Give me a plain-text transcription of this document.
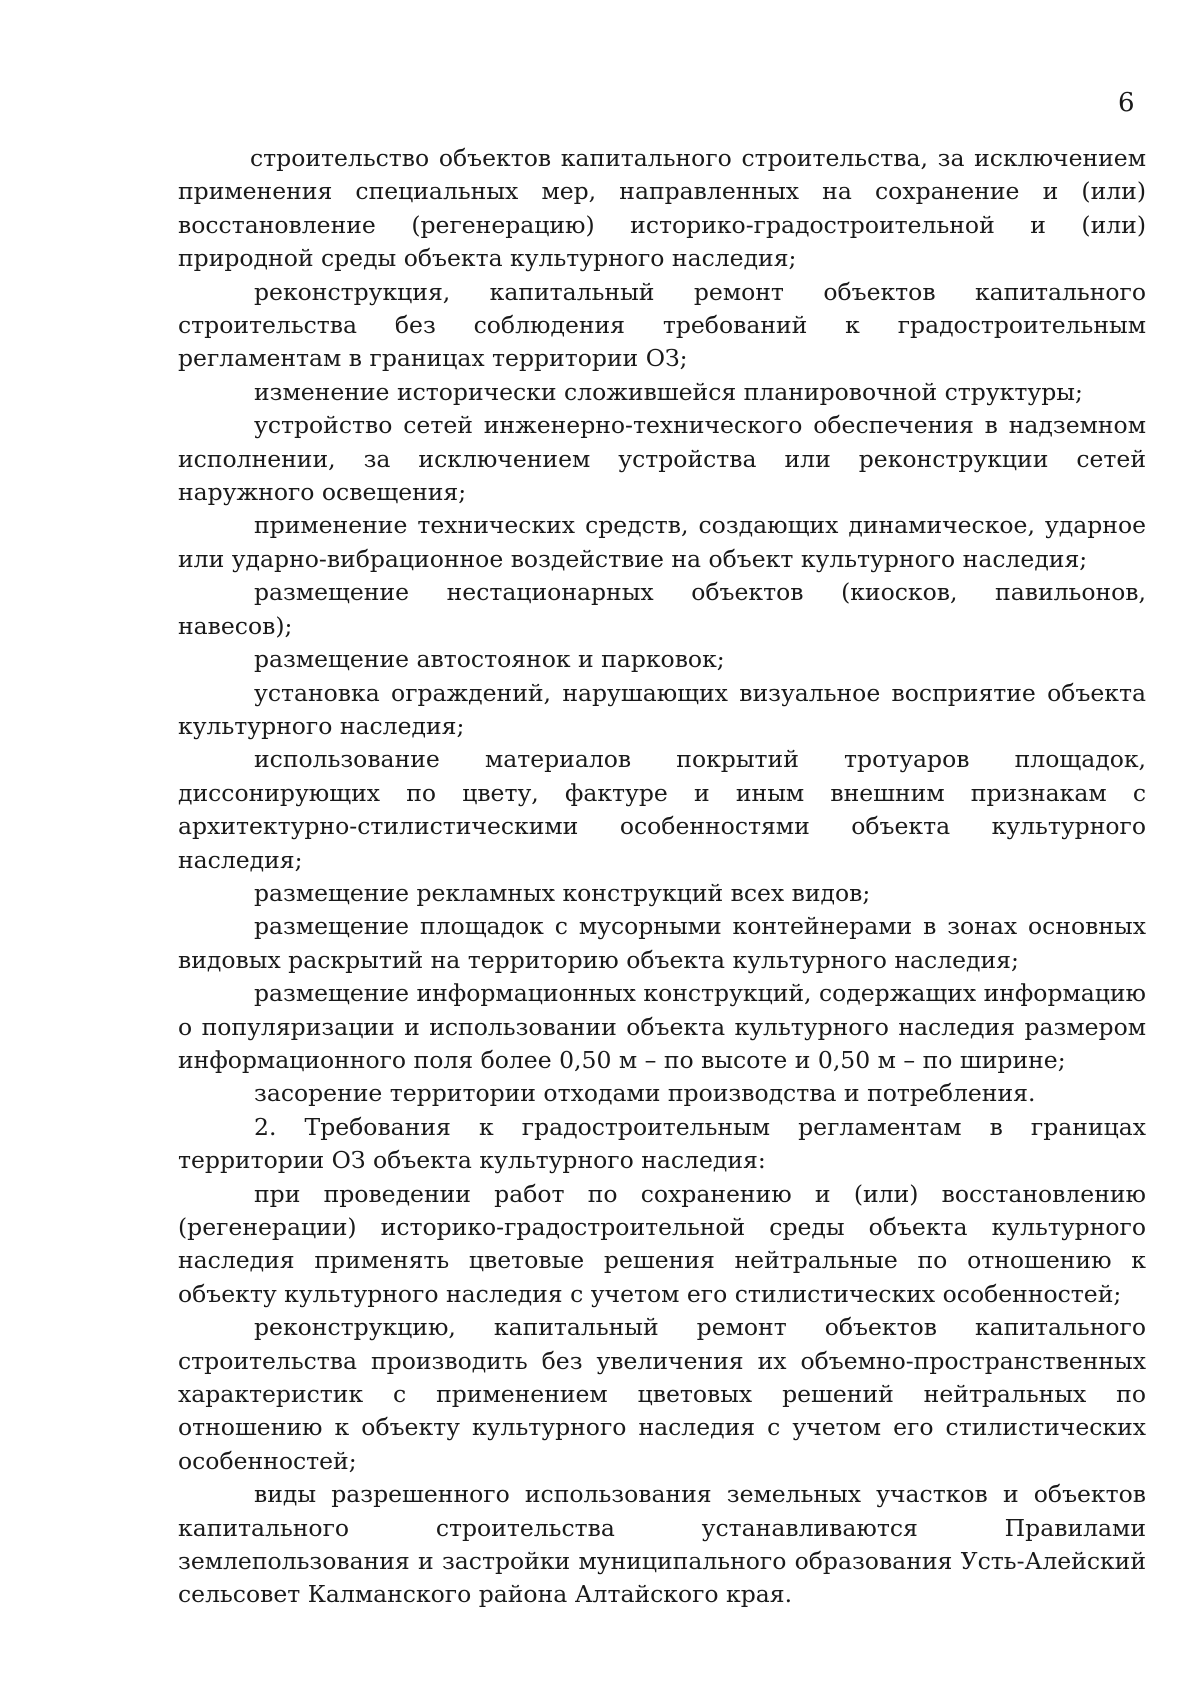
6

строительство объектов капитального строительства, за исключением применения специальных мер, направленных на сохранение и (или) восстановление (регенерацию) историко-градостроительной и (или) природной среды объекта культурного наследия;

реконструкция, капитальный ремонт объектов капитального строительства без соблюдения требований к градостроительным регламентам в границах территории ОЗ;

изменение исторически сложившейся планировочной структуры;

устройство сетей инженерно-технического обеспечения в надземном исполнении, за исключением устройства или реконструкции сетей наружного освещения;

применение технических средств, создающих динамическое, ударное или ударно-вибрационное воздействие на объект культурного наследия;

размещение нестационарных объектов (киосков, павильонов, навесов);

размещение автостоянок и парковок;

установка ограждений, нарушающих визуальное восприятие объекта культурного наследия;

использование материалов покрытий тротуаров площадок, диссонирующих по цвету, фактуре и иным внешним признакам с архитектурно-стилистическими особенностями объекта культурного наследия;

размещение рекламных конструкций всех видов;

размещение площадок с мусорными контейнерами в зонах основных видовых раскрытий на территорию объекта культурного наследия;

размещение информационных конструкций, содержащих информацию о популяризации и использовании объекта культурного наследия размером информационного поля более 0,50 м – по высоте и 0,50 м – по ширине;

засорение территории отходами производства и потребления.

2. Требования к градостроительным регламентам в границах территории ОЗ объекта культурного наследия:

при проведении работ по сохранению и (или) восстановлению (регенерации) историко-градостроительной среды объекта культурного наследия применять цветовые решения нейтральные по отношению к объекту культурного наследия с учетом его стилистических особенностей;

реконструкцию, капитальный ремонт объектов капитального строительства производить без увеличения их объемно-пространственных характеристик с применением цветовых решений нейтральных по отношению к объекту культурного наследия с учетом его стилистических особенностей;

виды разрешенного использования земельных участков и объектов капитального строительства устанавливаются Правилами землепользования и застройки муниципального образования Усть-Алейский сельсовет Калманского района Алтайского края.
